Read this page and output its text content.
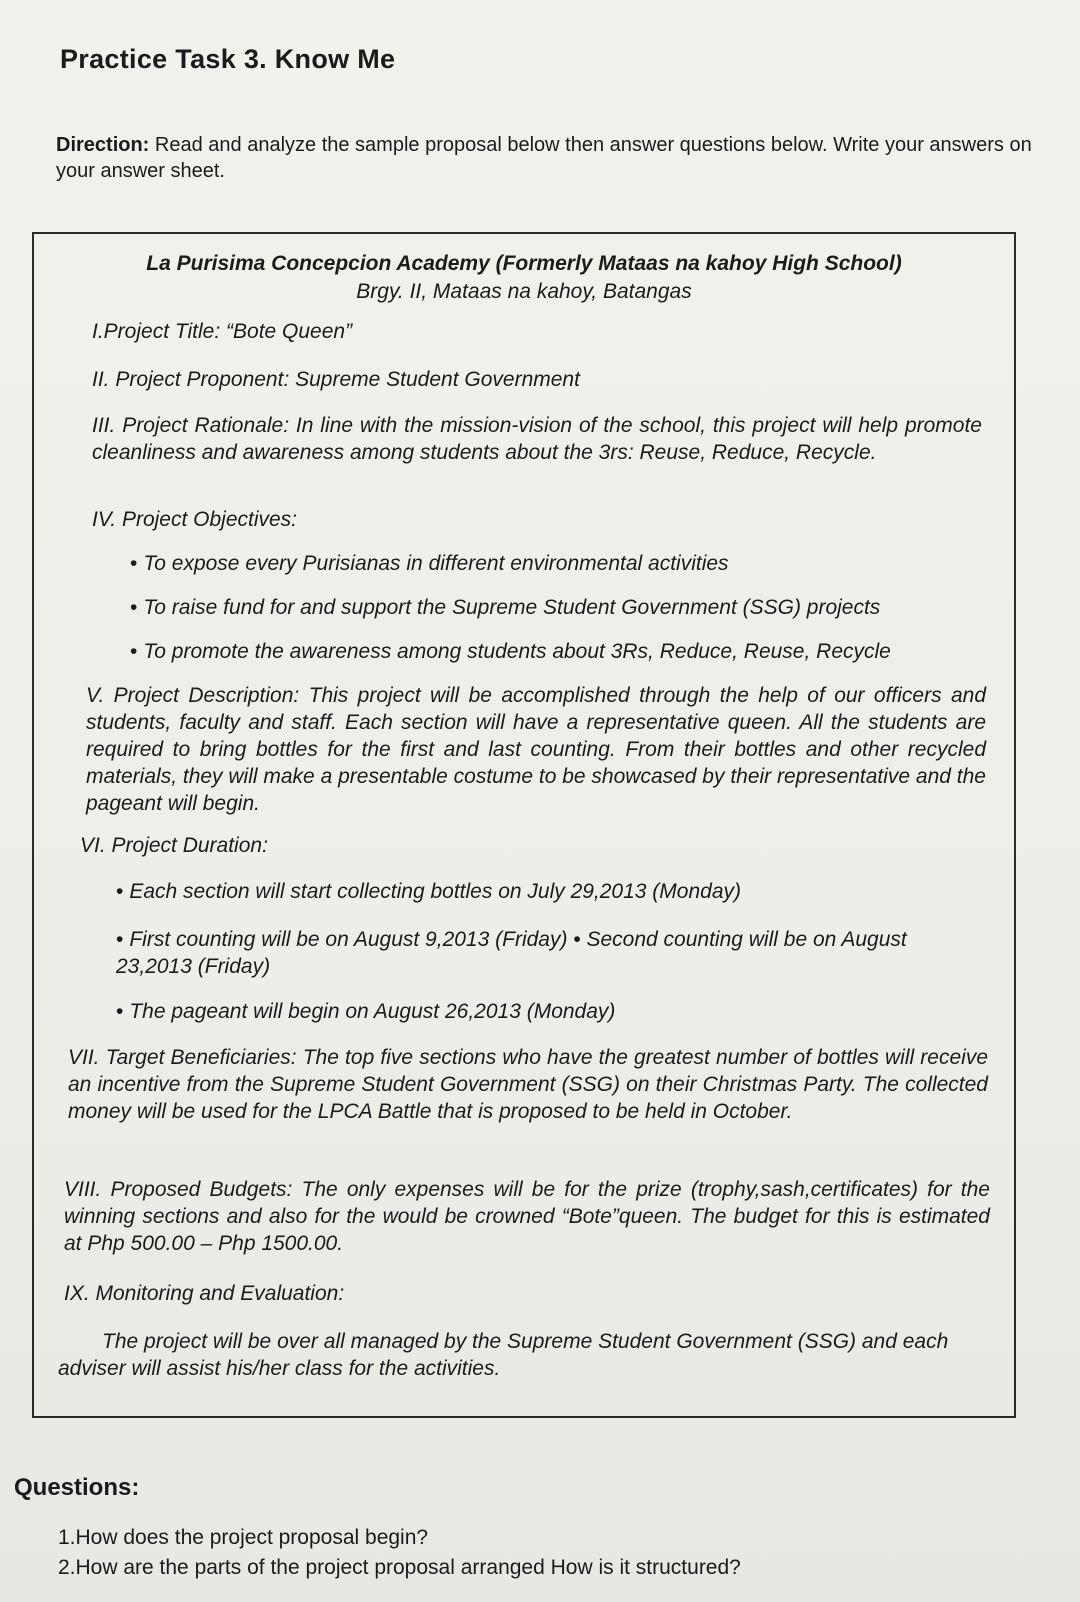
Practice Task 3. Know Me
Direction: Read and analyze the sample proposal below then answer questions below. Write your answers on your answer sheet.
La Purisima Concepcion Academy (Formerly Mataas na kahoy High School)
Brgy. II, Mataas na kahoy, Batangas
I.Project Title: “Bote Queen”
II. Project Proponent: Supreme Student Government
III. Project Rationale: In line with the mission-vision of the school, this project will help promote cleanliness and awareness among students about the 3rs: Reuse, Reduce, Recycle.
IV. Project Objectives:
• To expose every Purisianas in different environmental activities
• To raise fund for and support the Supreme Student Government (SSG) projects
• To promote the awareness among students about 3Rs, Reduce, Reuse, Recycle
V. Project Description: This project will be accomplished through the help of our officers and students, faculty and staff. Each section will have a representative queen. All the students are required to bring bottles for the first and last counting. From their bottles and other recycled materials, they will make a presentable costume to be showcased by their representative and the pageant will begin.
VI. Project Duration:
• Each section will start collecting bottles on July 29,2013 (Monday)
• First counting will be on August 9,2013 (Friday) • Second counting will be on August 23,2013 (Friday)
• The pageant will begin on August 26,2013 (Monday)
VII. Target Beneficiaries: The top five sections who have the greatest number of bottles will receive an incentive from the Supreme Student Government (SSG) on their Christmas Party. The collected money will be used for the LPCA Battle that is proposed to be held in October.
VIII. Proposed Budgets: The only expenses will be for the prize (trophy,sash,certificates) for the winning sections and also for the would be crowned “Bote”queen. The budget for this is estimated at Php 500.00 – Php 1500.00.
IX. Monitoring and Evaluation:
The project will be over all managed by the Supreme Student Government (SSG) and each adviser will assist his/her class for the activities.
Questions:
1.How does the project proposal begin?
2.How are the parts of the project proposal arranged How is it structured?
